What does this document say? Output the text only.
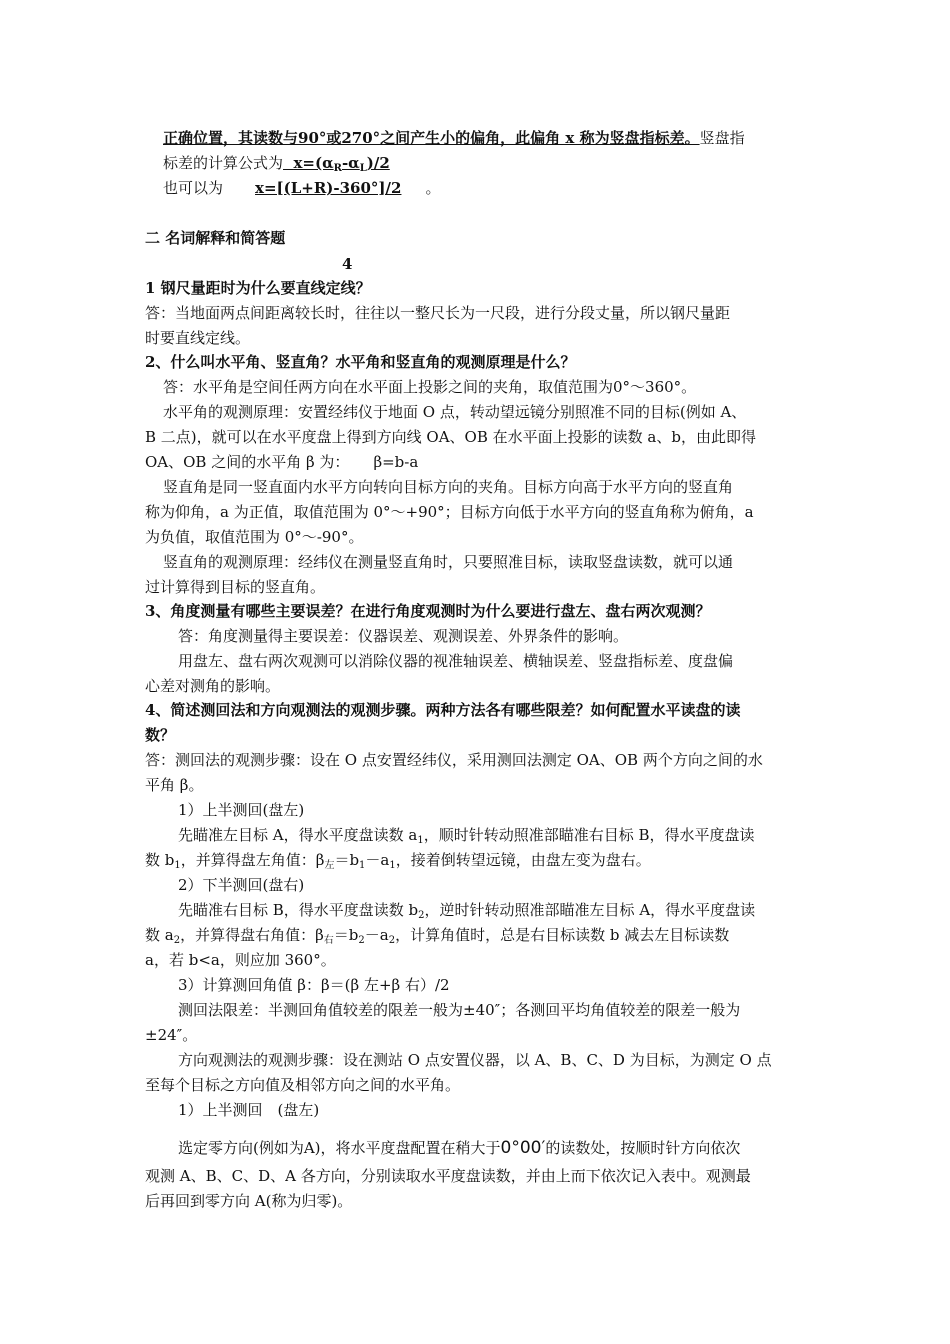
正确位置，其读数与90°或270°之间产生小的偏角，此偏角 x 称为竖盘指标差。竖盘指
标差的计算公式为 $x=(\alpha_R-\alpha_L)/2$
也可以为 x=[(L+R)-360°]/2 。
二 名词解释和简答题
4
1 钢尺量距时为什么要直线定线？
答：当地面两点间距离较长时，往往以一整尺长为一尺段，进行分段丈量，所以钢尺量距
时要直线定线。
2、什么叫水平角、竖直角？水平角和竖直角的观测原理是什么？
答：水平角是空间任两方向在水平面上投影之间的夹角，取值范围为0°～360°。
水平角的观测原理：安置经纬仪于地面 O 点，转动望远镜分别照准不同的目标(例如 A、
B 二点)，就可以在水平度盘上得到方向线 OA、OB 在水平面上投影的读数 a、b，由此即得
OA、OB 之间的水平角 β 为： β=b-a
竖直角是同一竖直面内水平方向转向目标方向的夹角。目标方向高于水平方向的竖直角
称为仰角，a 为正值，取值范围为 0°～+90°；目标方向低于水平方向的竖直角称为俯角，a
为负值，取值范围为 0°～-90°。
竖直角的观测原理：经纬仪在测量竖直角时，只要照准目标，读取竖盘读数，就可以通
过计算得到目标的竖直角。
3、角度测量有哪些主要误差？在进行角度观测时为什么要进行盘左、盘右两次观测？
答：角度测量得主要误差：仪器误差、观测误差、外界条件的影响。
用盘左、盘右两次观测可以消除仪器的视准轴误差、横轴误差、竖盘指标差、度盘偏
心差对测角的影响。
4、简述测回法和方向观测法的观测步骤。两种方法各有哪些限差？如何配置水平读盘的读
数？
答：测回法的观测步骤：设在 O 点安置经纬仪，采用测回法测定 OA、OB 两个方向之间的水
平角 β。
1）上半测回(盘左)
先瞄准左目标 A，得水平度盘读数 $a_1$，顺时针转动照准部瞄准右目标 B，得水平度盘读
数 $b_1$，并算得盘左角值：$\beta_左=b_1-a_1$，接着倒转望远镜，由盘左变为盘右。
2）下半测回(盘右)
先瞄准右目标 B，得水平度盘读数 $b_2$，逆时针转动照准部瞄准左目标 A，得水平度盘读
数 $a_2$，并算得盘右角值：$\beta_右=b_2-a_2$，计算角值时，总是右目标读数 b 减去左目标读数
a，若 b<a，则应加 360°。
3）计算测回角值 β：β＝(β 左+β 右）/2
测回法限差：半测回角值较差的限差一般为±40″；各测回平均角值较差的限差一般为
±24″。
方向观测法的观测步骤：设在测站 O 点安置仪器，以 A、B、C、D 为目标，为测定 O 点
至每个目标之方向值及相邻方向之间的水平角。
1）上半测回　(盘左)
选定零方向(例如为A)，将水平度盘配置在稍大于0°00′的读数处，按顺时针方向依次
观测 A、B、C、D、A 各方向，分别读取水平度盘读数，并由上而下依次记入表中。观测最
后再回到零方向 A(称为归零)。
